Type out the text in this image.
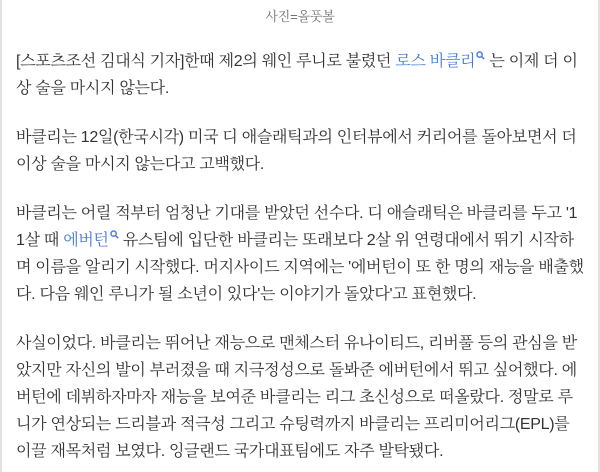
사진=올풋볼

[스포츠조선 김대식 기자]한때 제2의 웨인 루니로 불렸던 로스 바클리 는 이제 더 이상 술을 마시지 않는다.

바클리는 12일(한국시각) 미국 디 애슬래틱과의 인터뷰에서 커리어를 돌아보면서 더 이상 술을 마시지 않는다고 고백했다.

바클리는 어릴 적부터 엄청난 기대를 받았던 선수다. 디 애슬래틱은 바클리를 두고 '11살 때 에버턴 유스팀에 입단한 바클리는 또래보다 2살 위 연령대에서 뛰기 시작하며 이름을 알리기 시작했다. 머지사이드 지역에는 '에버턴이 또 한 명의 재능을 배출했다. 다음 웨인 루니가 될 소년이 있다'는 이야기가 돌았다'고 표현했다.

사실이었다. 바클리는 뛰어난 재능으로 맨체스터 유나이티드, 리버풀 등의 관심을 받았지만 자신의 발이 부러졌을 때 지극정성으로 돌봐준 에버턴에서 뛰고 싶어했다. 에버턴에 데뷔하자마자 재능을 보여준 바클리는 리그 초신성으로 떠올랐다. 정말로 루니가 연상되는 드리블과 적극성 그리고 슈팅력까지 바클리는 프리미어리그(EPL)를 이끌 재목처럼 보였다. 잉글랜드 국가대표팀에도 자주 발탁됐다.
